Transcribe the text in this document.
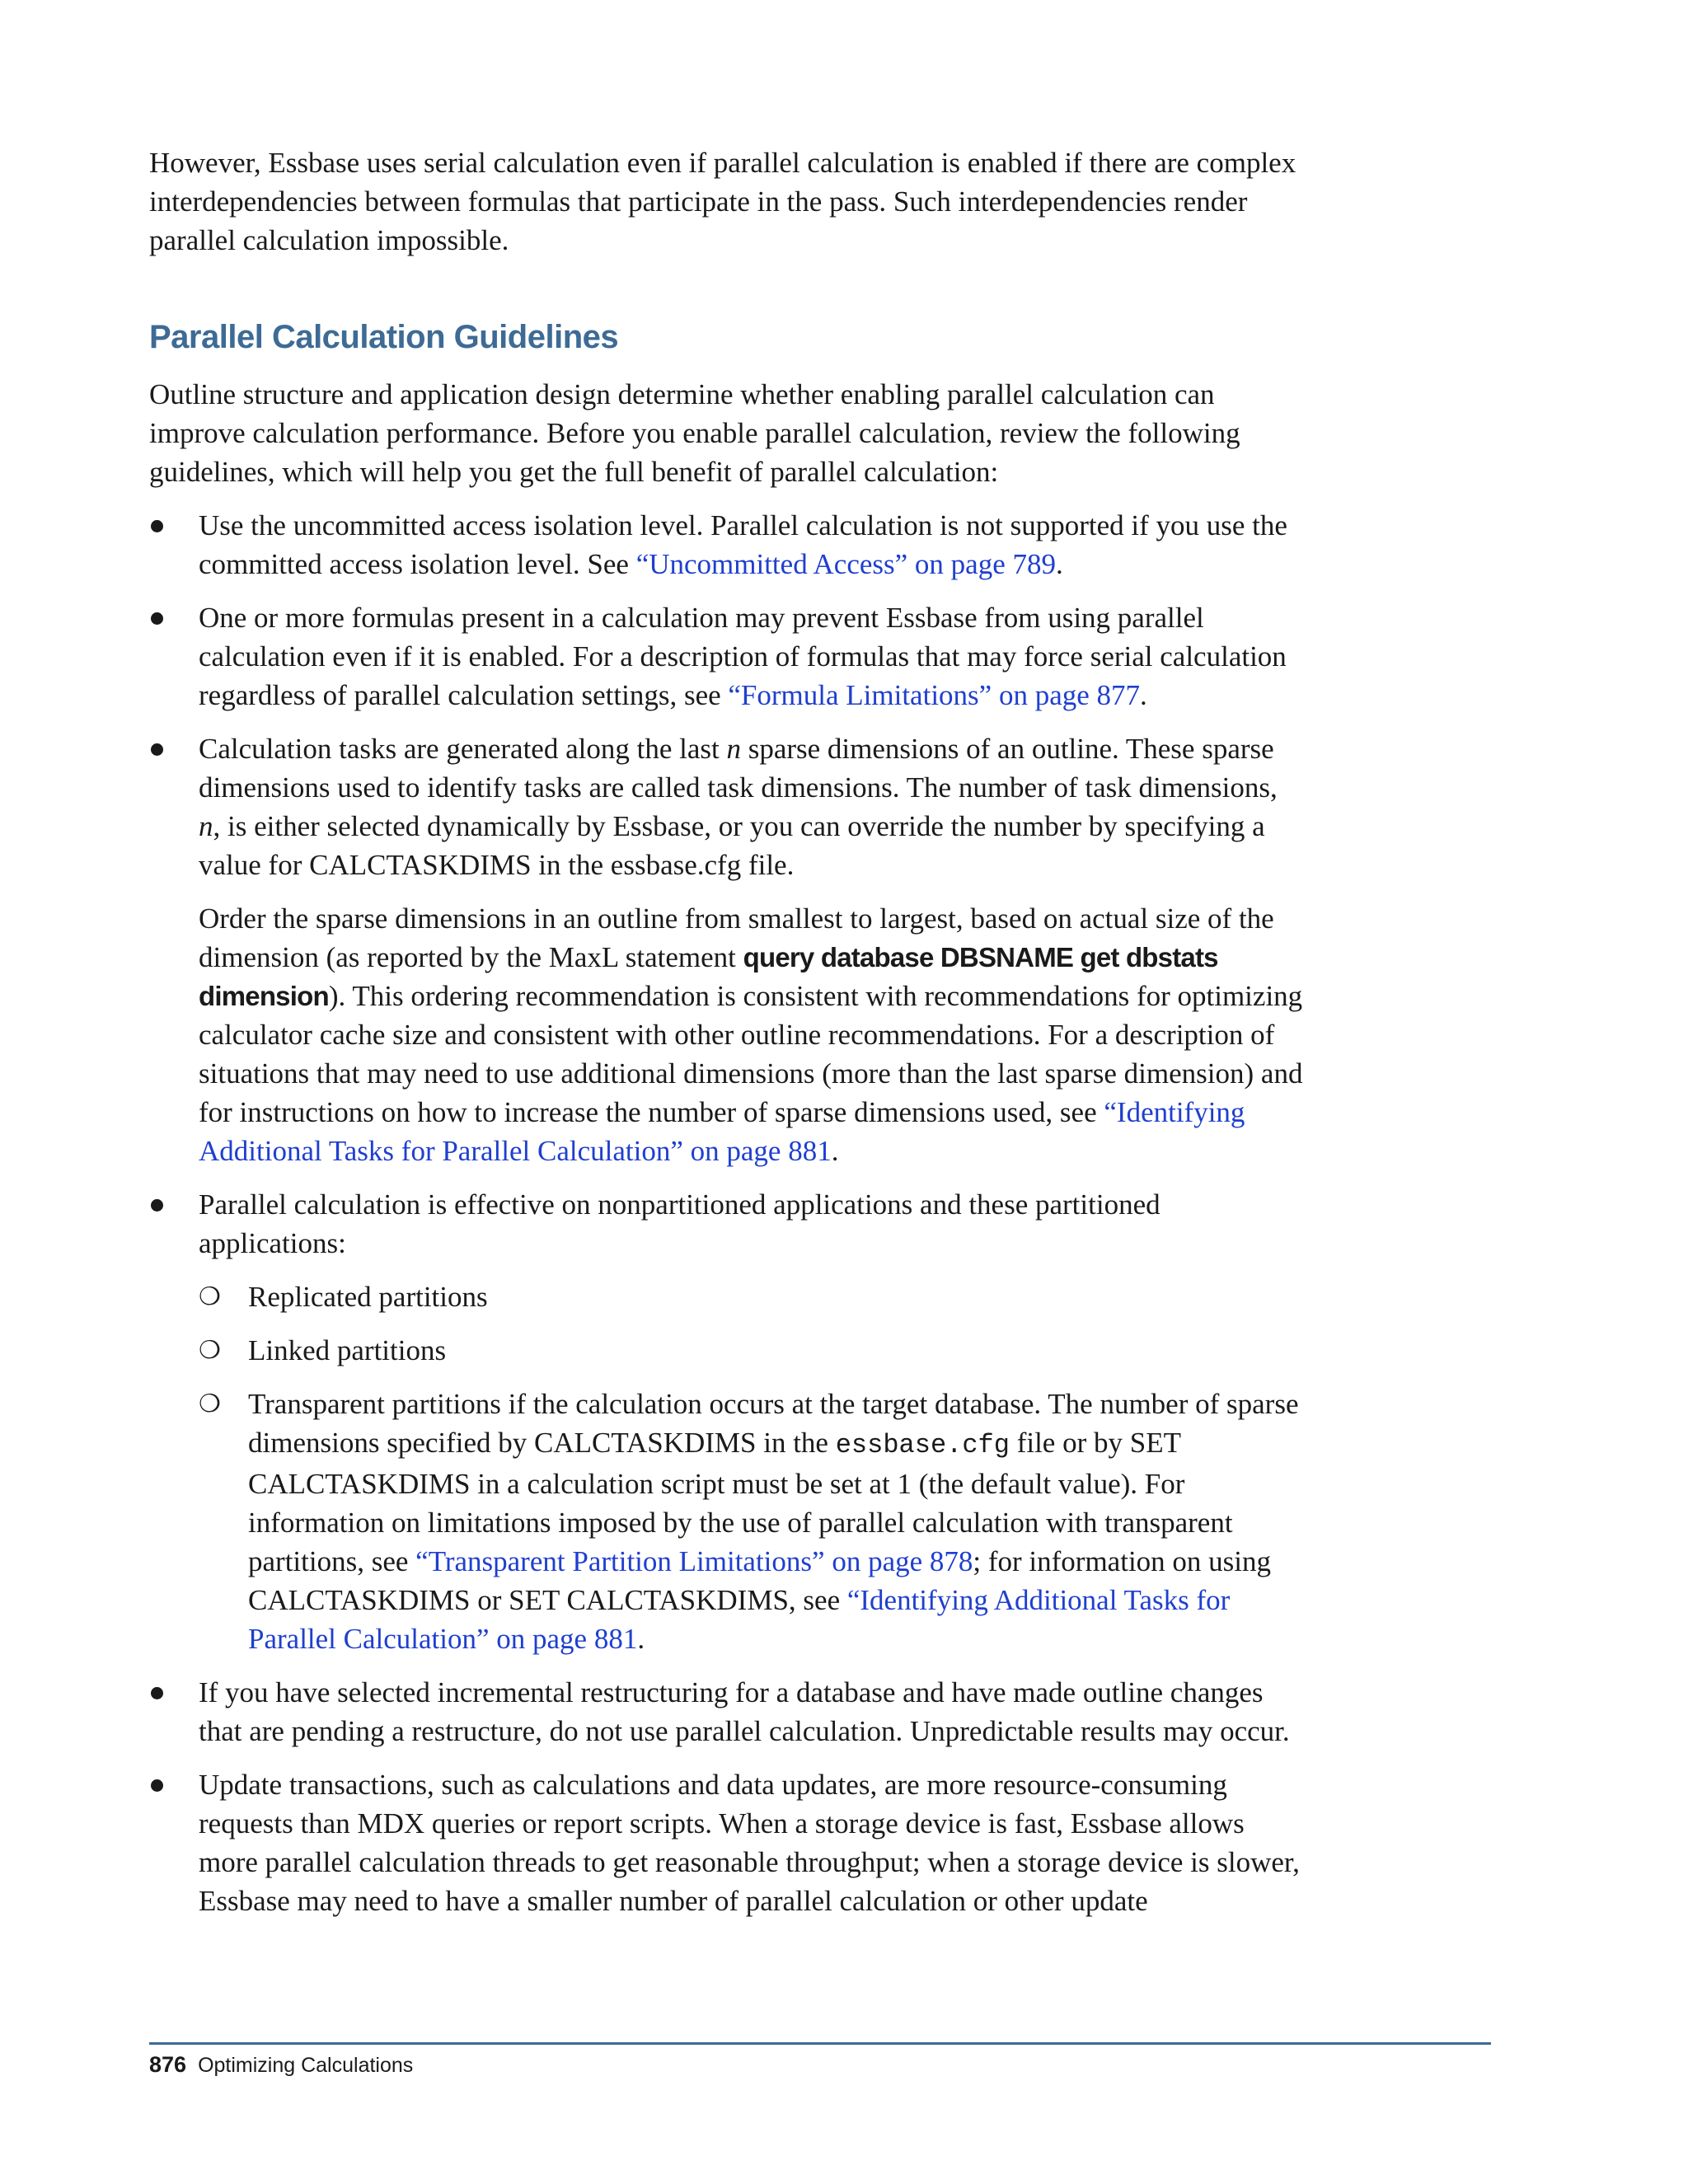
However, Essbase uses serial calculation even if parallel calculation is enabled if there are complex interdependencies between formulas that participate in the pass. Such interdependencies render parallel calculation impossible.

Parallel Calculation Guidelines

Outline structure and application design determine whether enabling parallel calculation can improve calculation performance. Before you enable parallel calculation, review the following guidelines, which will help you get the full benefit of parallel calculation:

Use the uncommitted access isolation level. Parallel calculation is not supported if you use the committed access isolation level. See “Uncommitted Access” on page 789.

One or more formulas present in a calculation may prevent Essbase from using parallel calculation even if it is enabled. For a description of formulas that may force serial calculation regardless of parallel calculation settings, see “Formula Limitations” on page 877.

Calculation tasks are generated along the last n sparse dimensions of an outline. These sparse dimensions used to identify tasks are called task dimensions. The number of task dimensions, n, is either selected dynamically by Essbase, or you can override the number by specifying a value for CALCTASKDIMS in the essbase.cfg file.

Order the sparse dimensions in an outline from smallest to largest, based on actual size of the dimension (as reported by the MaxL statement query database DBSNAME get dbstats dimension). This ordering recommendation is consistent with recommendations for optimizing calculator cache size and consistent with other outline recommendations. For a description of situations that may need to use additional dimensions (more than the last sparse dimension) and for instructions on how to increase the number of sparse dimensions used, see “Identifying Additional Tasks for Parallel Calculation” on page 881.

Parallel calculation is effective on nonpartitioned applications and these partitioned applications:

❍ Replicated partitions

❍ Linked partitions

❍ Transparent partitions if the calculation occurs at the target database. The number of sparse dimensions specified by CALCTASKDIMS in the essbase.cfg file or by SET CALCTASKDIMS in a calculation script must be set at 1 (the default value). For information on limitations imposed by the use of parallel calculation with transparent partitions, see “Transparent Partition Limitations” on page 878; for information on using CALCTASKDIMS or SET CALCTASKDIMS, see “Identifying Additional Tasks for Parallel Calculation” on page 881.

If you have selected incremental restructuring for a database and have made outline changes that are pending a restructure, do not use parallel calculation. Unpredictable results may occur.

Update transactions, such as calculations and data updates, are more resource-consuming requests than MDX queries or report scripts. When a storage device is fast, Essbase allows more parallel calculation threads to get reasonable throughput; when a storage device is slower, Essbase may need to have a smaller number of parallel calculation or other update

876 Optimizing Calculations
